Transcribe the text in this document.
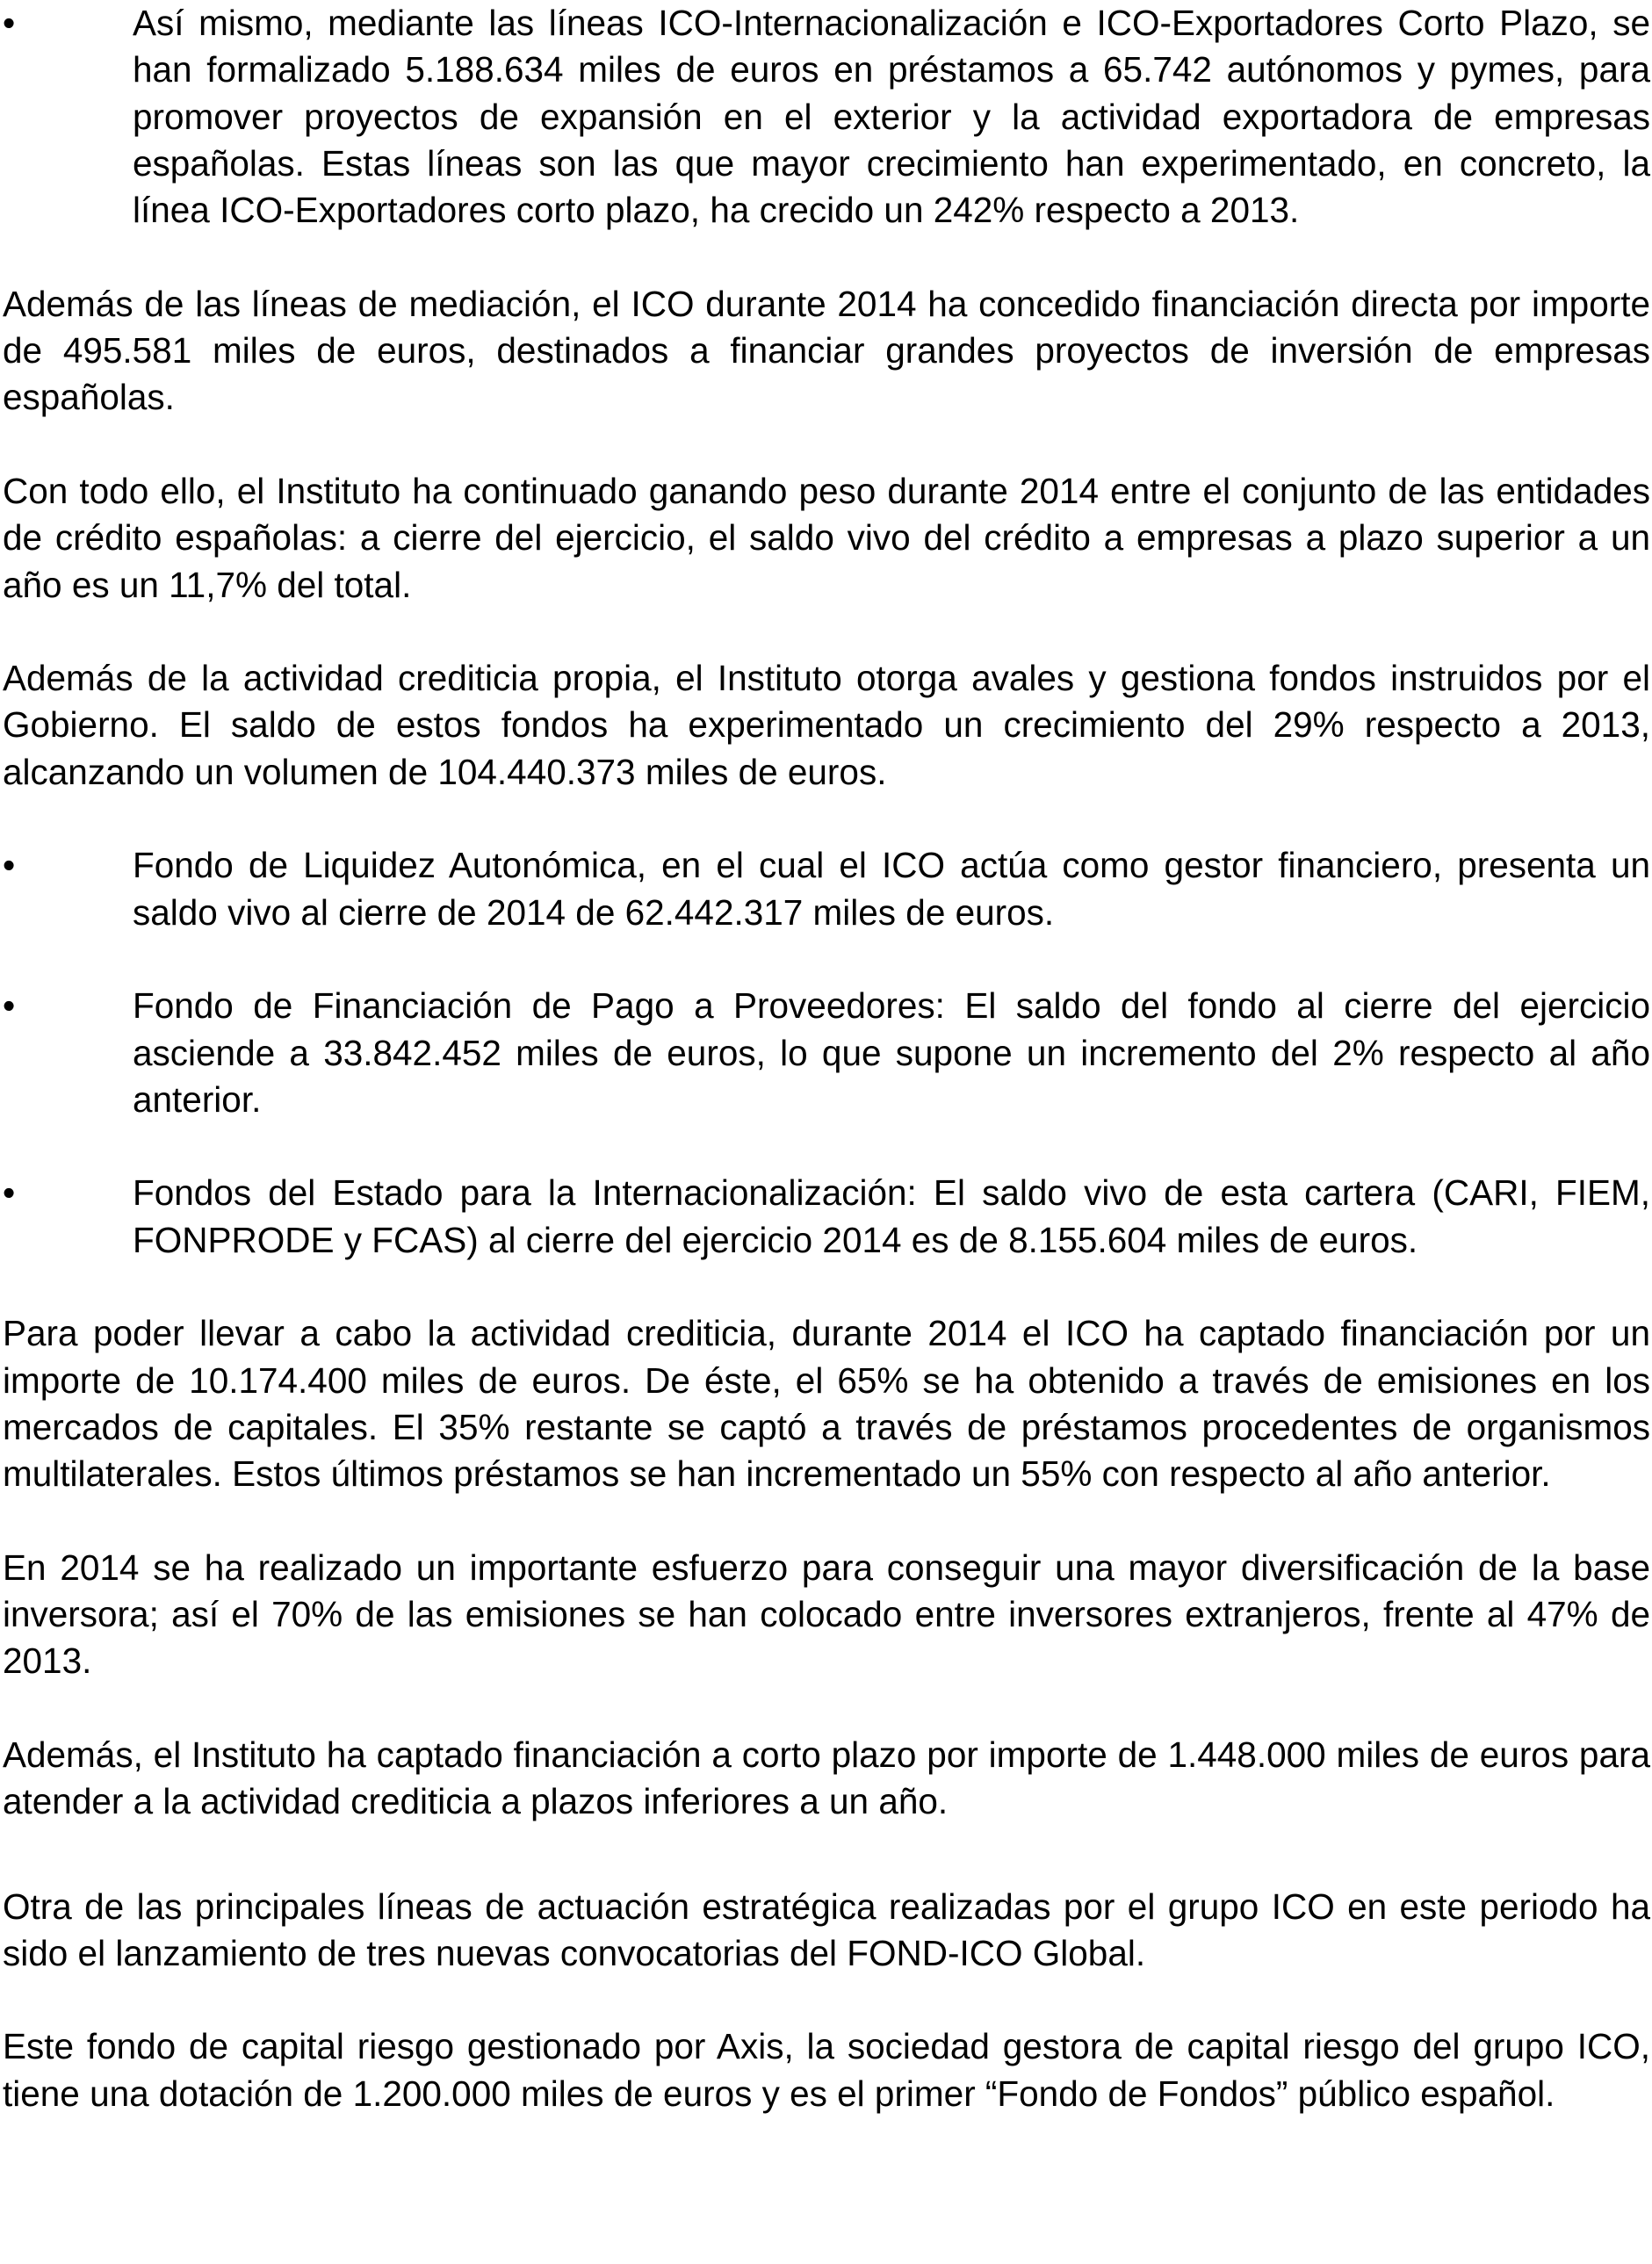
•	Así mismo, mediante las líneas ICO-Internacionalización e ICO-Exportadores Corto Plazo, se han formalizado 5.188.634 miles de euros en préstamos a 65.742 autónomos y pymes, para promover proyectos de expansión en el exterior y la actividad exportadora de empresas españolas. Estas líneas son las que mayor crecimiento han experimentado, en concreto, la línea ICO-Exportadores corto plazo, ha crecido un 242% respecto a 2013.

Además de las líneas de mediación, el ICO durante 2014 ha concedido financiación directa por importe de 495.581 miles de euros, destinados a financiar grandes proyectos de inversión de empresas españolas.

Con todo ello, el Instituto ha continuado ganando peso durante 2014 entre el conjunto de las entidades de crédito españolas: a cierre del ejercicio, el saldo vivo del crédito a empresas a plazo superior a un año es un 11,7% del total.

Además de la actividad crediticia propia, el Instituto otorga avales y gestiona fondos instruidos por el Gobierno. El saldo de estos fondos ha experimentado un crecimiento del 29% respecto a 2013, alcanzando un volumen de 104.440.373 miles de euros.

•	Fondo de Liquidez Autonómica, en el cual el ICO actúa como gestor financiero, presenta un saldo vivo al cierre de 2014 de 62.442.317 miles de euros.

•	Fondo de Financiación de Pago a Proveedores: El saldo del fondo al cierre del ejercicio asciende a 33.842.452 miles de euros, lo que supone un incremento del 2% respecto al año anterior.

•	Fondos del Estado para la Internacionalización: El saldo vivo de esta cartera (CARI, FIEM, FONPRODE y FCAS) al cierre del ejercicio 2014 es de 8.155.604 miles de euros.

Para poder llevar a cabo la actividad crediticia, durante 2014 el ICO ha captado financiación por un importe de 10.174.400 miles de euros. De éste, el 65% se ha obtenido a través de emisiones en los mercados de capitales. El 35% restante se captó a través de préstamos procedentes de organismos multilaterales. Estos últimos préstamos se han incrementado un 55% con respecto al año anterior.

En 2014 se ha realizado un importante esfuerzo para conseguir una mayor diversificación de la base inversora; así el 70% de las emisiones se han colocado entre inversores extranjeros, frente al 47% de 2013.

Además, el Instituto ha captado financiación a corto plazo por importe de 1.448.000 miles de euros para atender a la actividad crediticia a plazos inferiores a un año.

Otra de las principales líneas de actuación estratégica realizadas por el grupo ICO en este periodo ha sido el lanzamiento de tres nuevas convocatorias del FOND-ICO Global.

Este fondo de capital riesgo gestionado por Axis, la sociedad gestora de capital riesgo del grupo ICO, tiene una dotación de 1.200.000 miles de euros y es el primer “Fondo de Fondos” público español.
